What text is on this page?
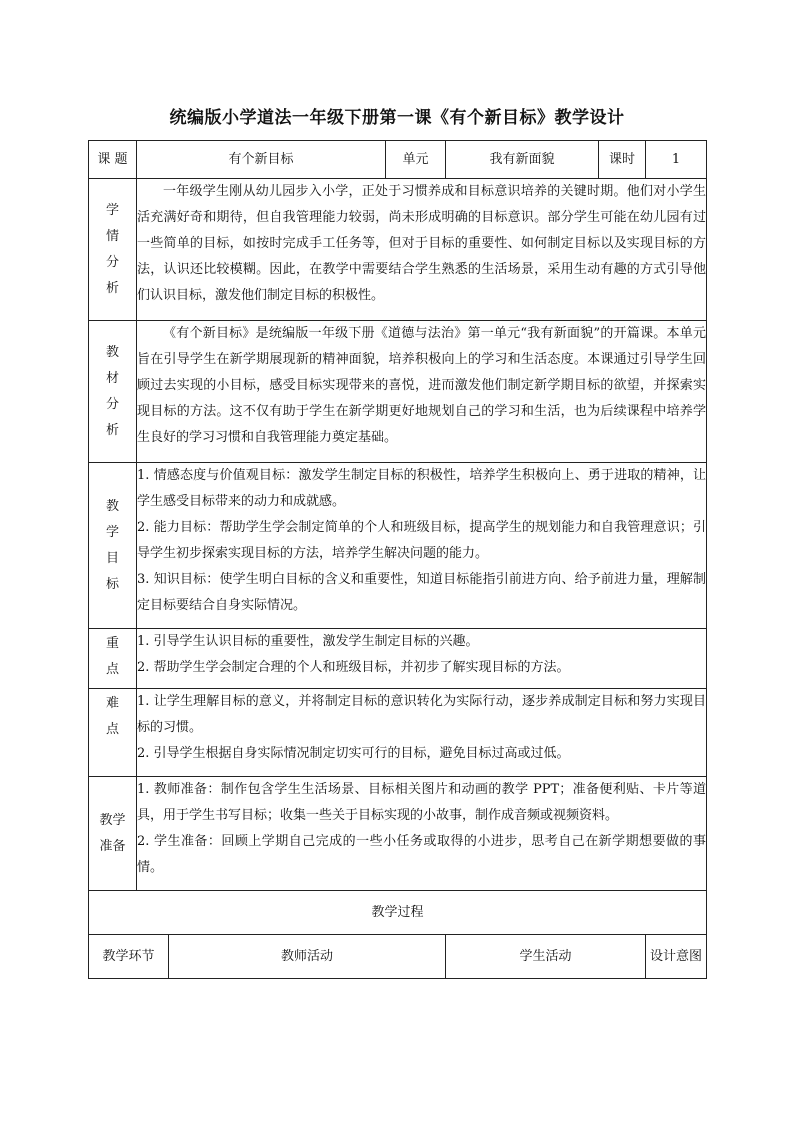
统编版小学道法一年级下册第一课《有个新目标》教学设计
课 题	有个新目标		单元	我有新面貌	课时	1
学情分析	一年级学生刚从幼儿园步入小学，正处于习惯养成和目标意识培养的关键时期。他们对小学生活充满好奇和期待，但自我管理能力较弱，尚未形成明确的目标意识。部分学生可能在幼儿园有过一些简单的目标，如按时完成手工任务等，但对于目标的重要性、如何制定目标以及实现目标的方法，认识还比较模糊。因此，在教学中需要结合学生熟悉的生活场景，采用生动有趣的方式引导他们认识目标，激发他们制定目标的积极性。					

教材分析	《有个新目标》是统编版一年级下册《道德与法治》第一单元“我有新面貌”的开篇课。本单元旨在引导学生在新学期展现新的精神面貌，培养积极向上的学习和生活态度。本课通过引导学生回顾过去实现的小目标，感受目标实现带来的喜悦，进而激发他们制定新学期目标的欲望，并探索实现目标的方法。这不仅有助于学生在新学期更好地规划自己的学习和生活，也为后续课程中培养学生良好的学习习惯和自我管理能力奠定基础。					

教学目标	1. 情感态度与价值观目标：激发学生制定目标的积极性，培养学生积极向上、勇于进取的精神，让学生感受目标带来的动力和成就感。

2. 能力目标：帮助学生学会制定简单的个人和班级目标，提高学生的规划能力和自我管理意识；引导学生初步探索实现目标的方法，培养学生解决问题的能力。

3. 知识目标：使学生明白目标的含义和重要性，知道目标能指引前进方向、给予前进力量，理解制定目标要结合自身实际情况。					

重点	1. 引导学生认识目标的重要性，激发学生制定目标的兴趣。

2. 帮助学生学会制定合理的个人和班级目标，并初步了解实现目标的方法。					

难点	1. 让学生理解目标的意义，并将制定目标的意识转化为实际行动，逐步养成制定目标和努力实现目标的习惯。

2. 引导学生根据自身实际情况制定切实可行的目标，避免目标过高或过低。					

教学准备	1. 教师准备：制作包含学生生活场景、目标相关图片和动画的教学 PPT；准备便利贴、卡片等道具，用于学生书写目标；收集一些关于目标实现的小故事，制作成音频或视频资料。

2. 学生准备：回顾上学期自己完成的一些小任务或取得的小进步，思考自己在新学期想要做的事情。					

教学过程						
教学环节		教师活动		学生活动		设计意图
